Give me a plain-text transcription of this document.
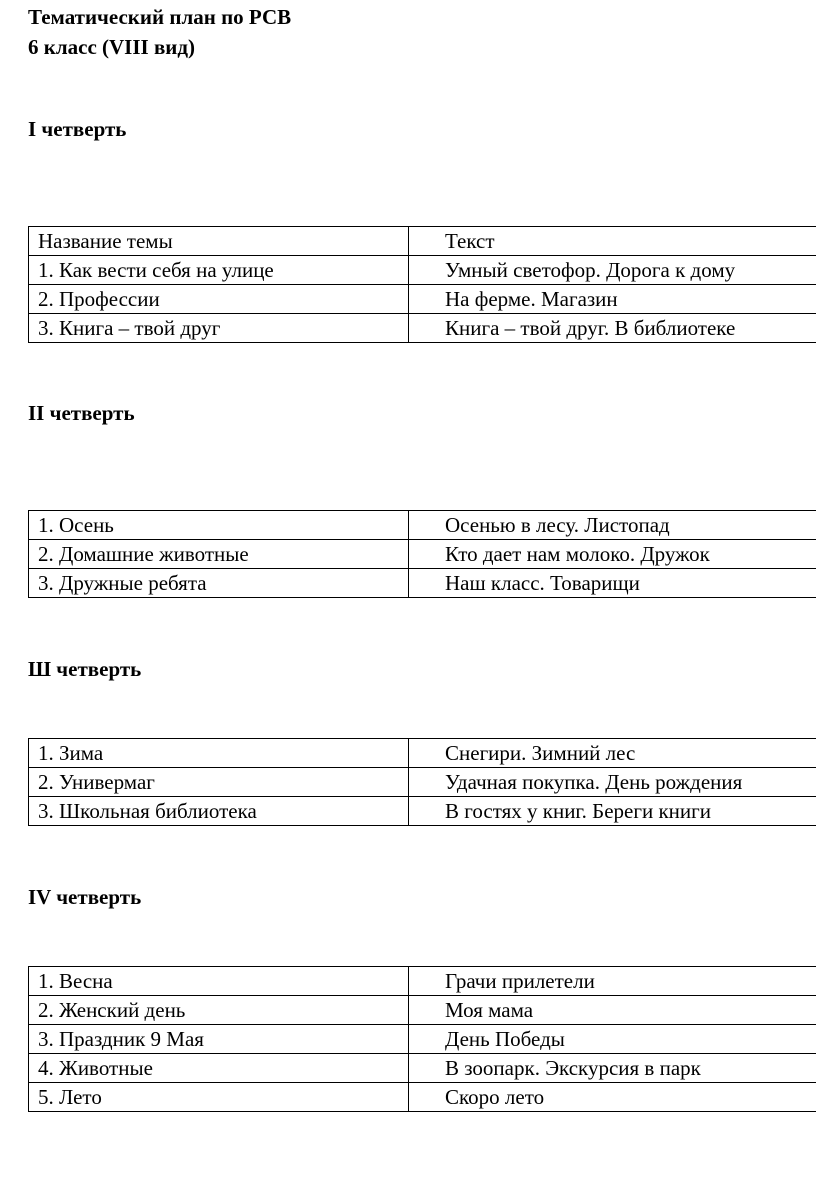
Тематический план по РСВ

6 класс (VIII вид)

I четверть

Название темы	Текст
1. Как вести себя на улице	Умный светофор. Дорога к дому
2. Профессии	На ферме. Магазин
3. Книга – твой друг	Книга – твой друг. В библиотеке

II четверть

1. Осень	Осенью в лесу. Листопад
2. Домашние животные	Кто дает нам молоко. Дружок
3. Дружные ребята	Наш класс. Товарищи

Ш четверть

1. Зима	Снегири. Зимний лес
2. Универмаг	Удачная покупка. День рождения
3. Школьная библиотека	В гостях у книг. Береги книги

IV четверть

1. Весна	Грачи прилетели
2. Женский день	Моя мама
3. Праздник 9 Мая	День Победы
4. Животные	В зоопарк. Экскурсия в парк
5. Лето	Скоро лето
